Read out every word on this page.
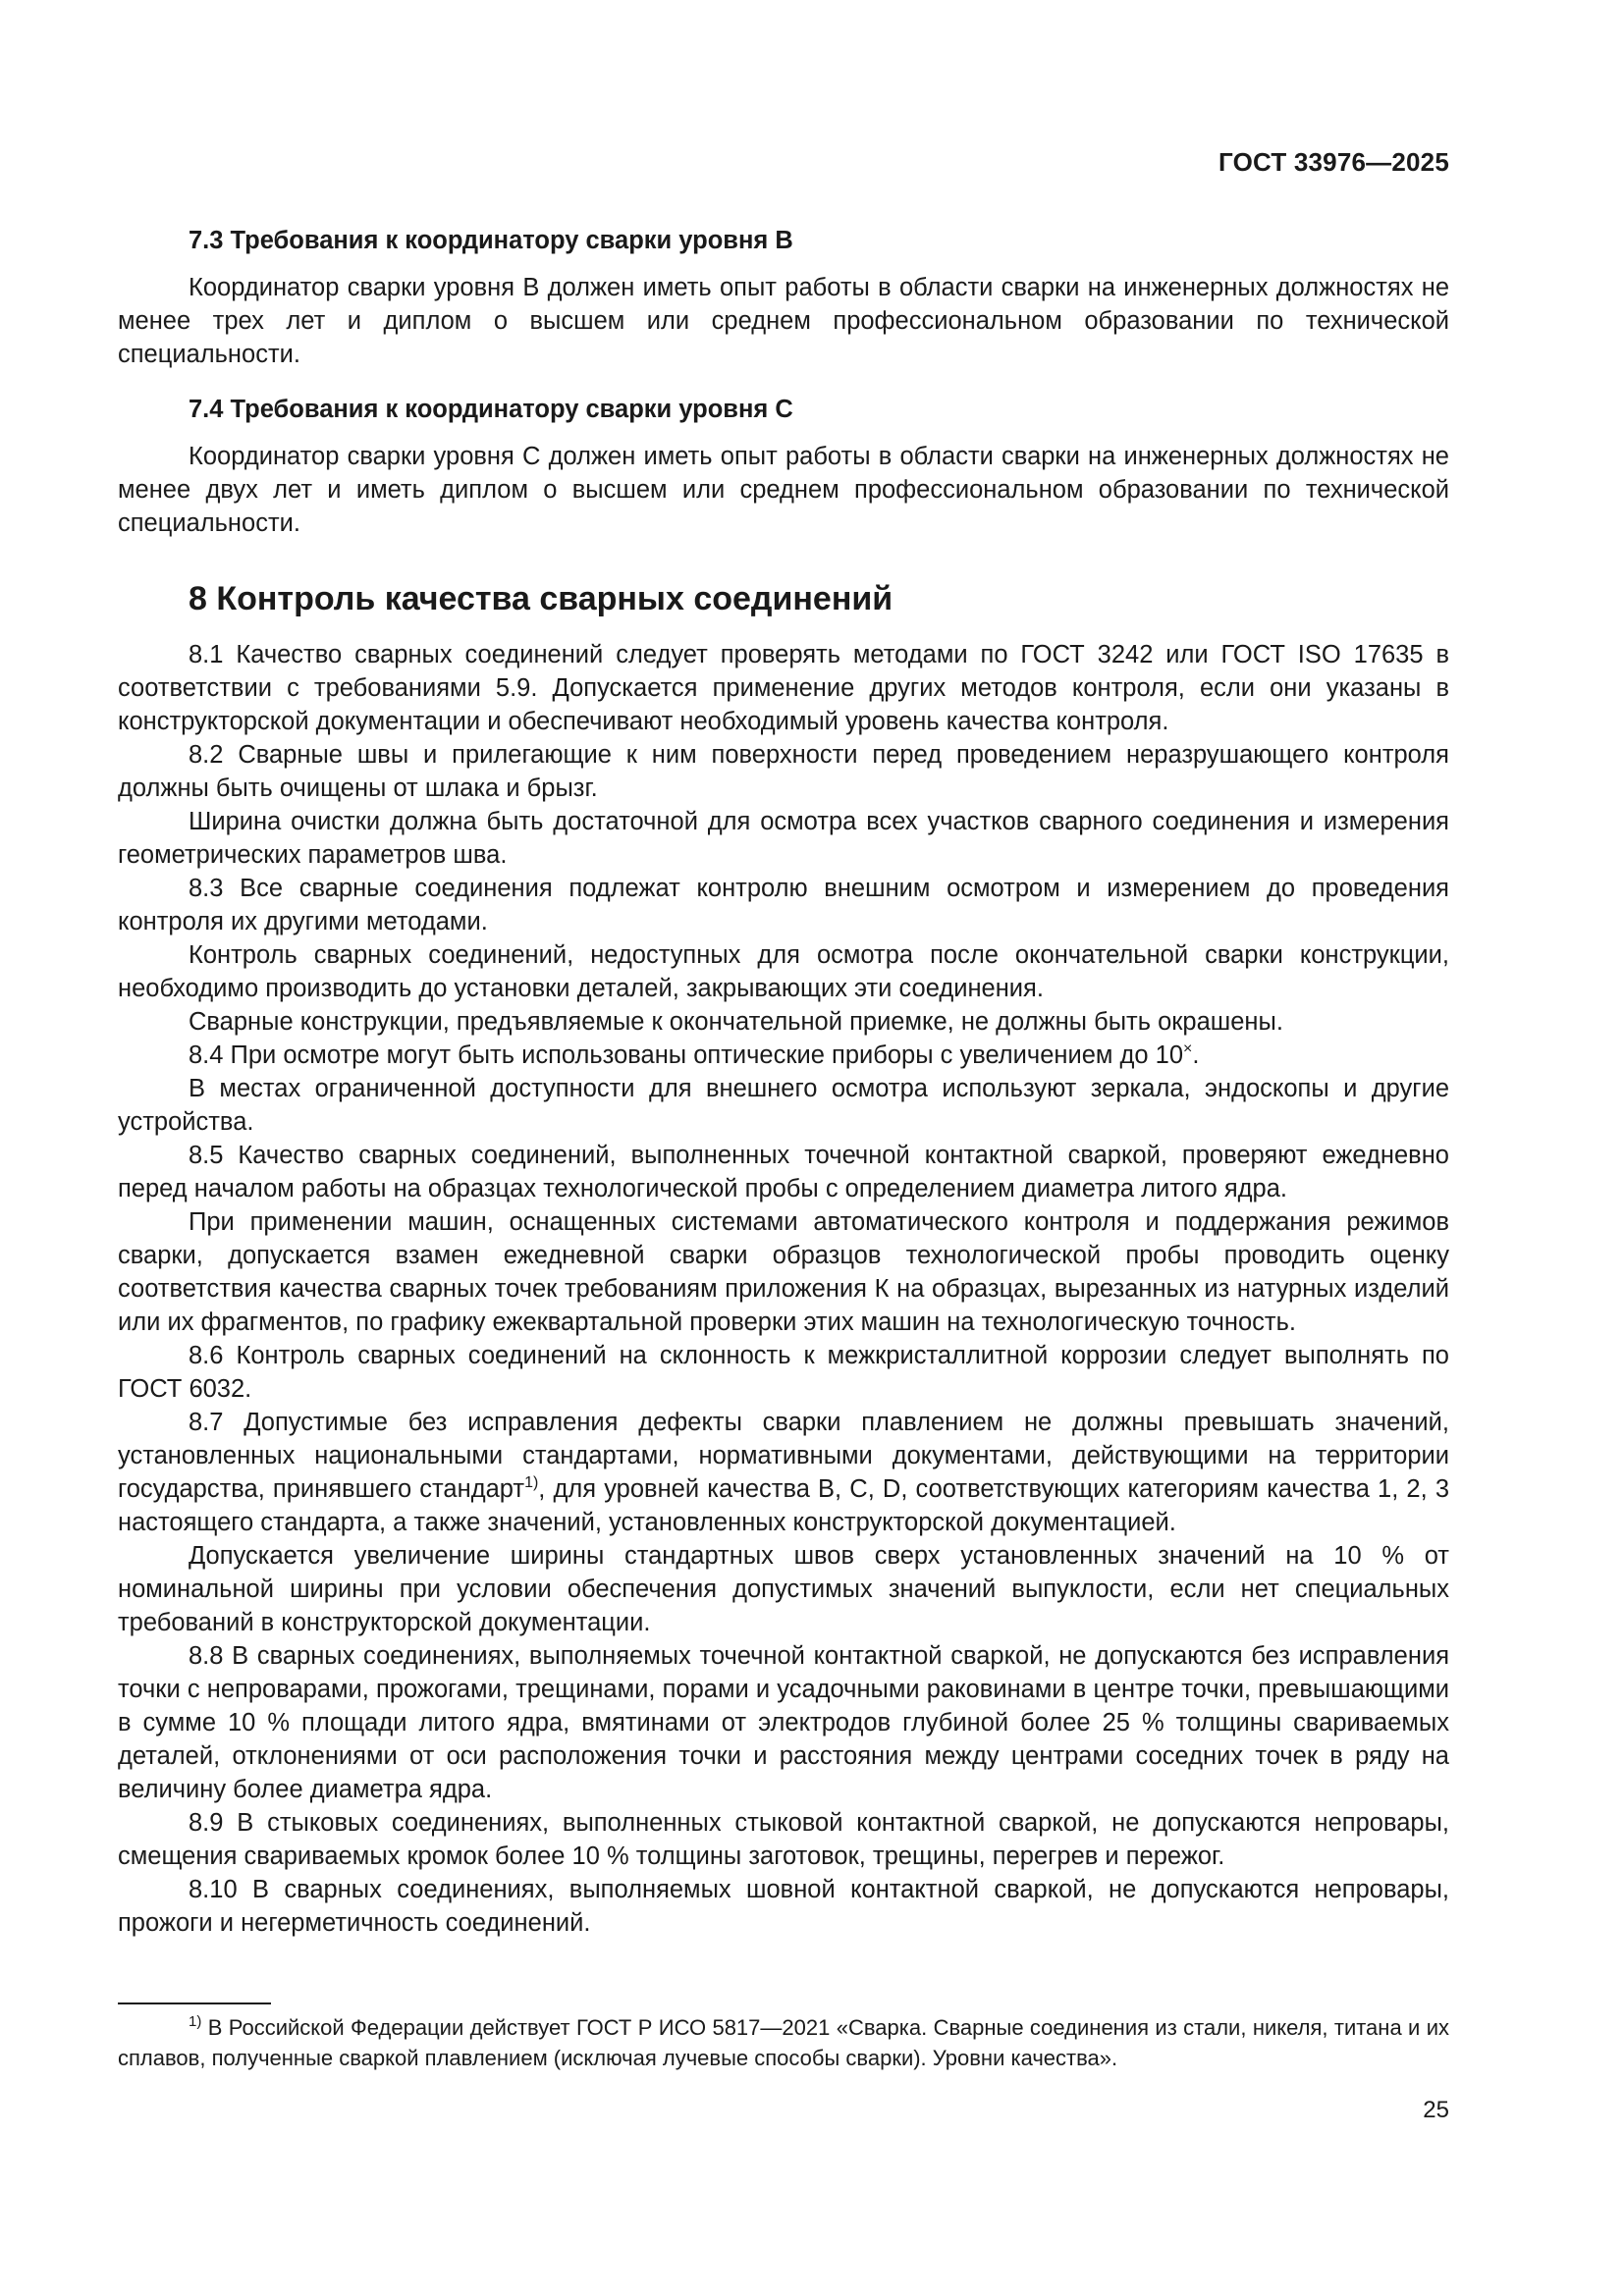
ГОСТ 33976—2025
7.3 Требования к координатору сварки уровня В

Координатор сварки уровня В должен иметь опыт работы в области сварки на инженерных должностях не менее трех лет и диплом о высшем или среднем профессиональном образовании по технической специальности.

7.4 Требования к координатору сварки уровня С

Координатор сварки уровня С должен иметь опыт работы в области сварки на инженерных должностях не менее двух лет и иметь диплом о высшем или среднем профессиональном образовании по технической специальности.

8 Контроль качества сварных соединений

8.1 Качество сварных соединений следует проверять методами по ГОСТ 3242 или ГОСТ ISO 17635 в соответствии с требованиями 5.9. Допускается применение других методов контроля, если они указаны в конструкторской документации и обеспечивают необходимый уровень качества контроля.

8.2 Сварные швы и прилегающие к ним поверхности перед проведением неразрушающего контроля должны быть очищены от шлака и брызг.

Ширина очистки должна быть достаточной для осмотра всех участков сварного соединения и измерения геометрических параметров шва.

8.3 Все сварные соединения подлежат контролю внешним осмотром и измерением до проведения контроля их другими методами.

Контроль сварных соединений, недоступных для осмотра после окончательной сварки конструкции, необходимо производить до установки деталей, закрывающих эти соединения.

Сварные конструкции, предъявляемые к окончательной приемке, не должны быть окрашены.

8.4 При осмотре могут быть использованы оптические приборы с увеличением до 10×.

В местах ограниченной доступности для внешнего осмотра используют зеркала, эндоскопы и другие устройства.

8.5 Качество сварных соединений, выполненных точечной контактной сваркой, проверяют ежедневно перед началом работы на образцах технологической пробы с определением диаметра литого ядра.

При применении машин, оснащенных системами автоматического контроля и поддержания режимов сварки, допускается взамен ежедневной сварки образцов технологической пробы проводить оценку соответствия качества сварных точек требованиям приложения К на образцах, вырезанных из натурных изделий или их фрагментов, по графику ежеквартальной проверки этих машин на технологическую точность.

8.6 Контроль сварных соединений на склонность к межкристаллитной коррозии следует выполнять по ГОСТ 6032.

8.7 Допустимые без исправления дефекты сварки плавлением не должны превышать значений, установленных национальными стандартами, нормативными документами, действующими на территории государства, принявшего стандарт$^{1)}$, для уровней качества B, C, D, соответствующих категориям качества 1, 2, 3 настоящего стандарта, а также значений, установленных конструкторской документацией.

Допускается увеличение ширины стандартных швов сверх установленных значений на 10 % от номинальной ширины при условии обеспечения допустимых значений выпуклости, если нет специальных требований в конструкторской документации.

8.8 В сварных соединениях, выполняемых точечной контактной сваркой, не допускаются без исправления точки с непроварами, прожогами, трещинами, порами и усадочными раковинами в центре точки, превышающими в сумме 10 % площади литого ядра, вмятинами от электродов глубиной более 25 % толщины свариваемых деталей, отклонениями от оси расположения точки и расстояния между центрами соседних точек в ряду на величину более диаметра ядра.

8.9 В стыковых соединениях, выполненных стыковой контактной сваркой, не допускаются непровары, смещения свариваемых кромок более 10 % толщины заготовок, трещины, перегрев и пережог.

8.10 В сварных соединениях, выполняемых шовной контактной сваркой, не допускаются непровары, прожоги и негерметичность соединений.

$^{1)}$ В Российской Федерации действует ГОСТ Р ИСО 5817—2021 «Сварка. Сварные соединения из стали, никеля, титана и их сплавов, полученные сваркой плавлением (исключая лучевые способы сварки). Уровни качества».
25
